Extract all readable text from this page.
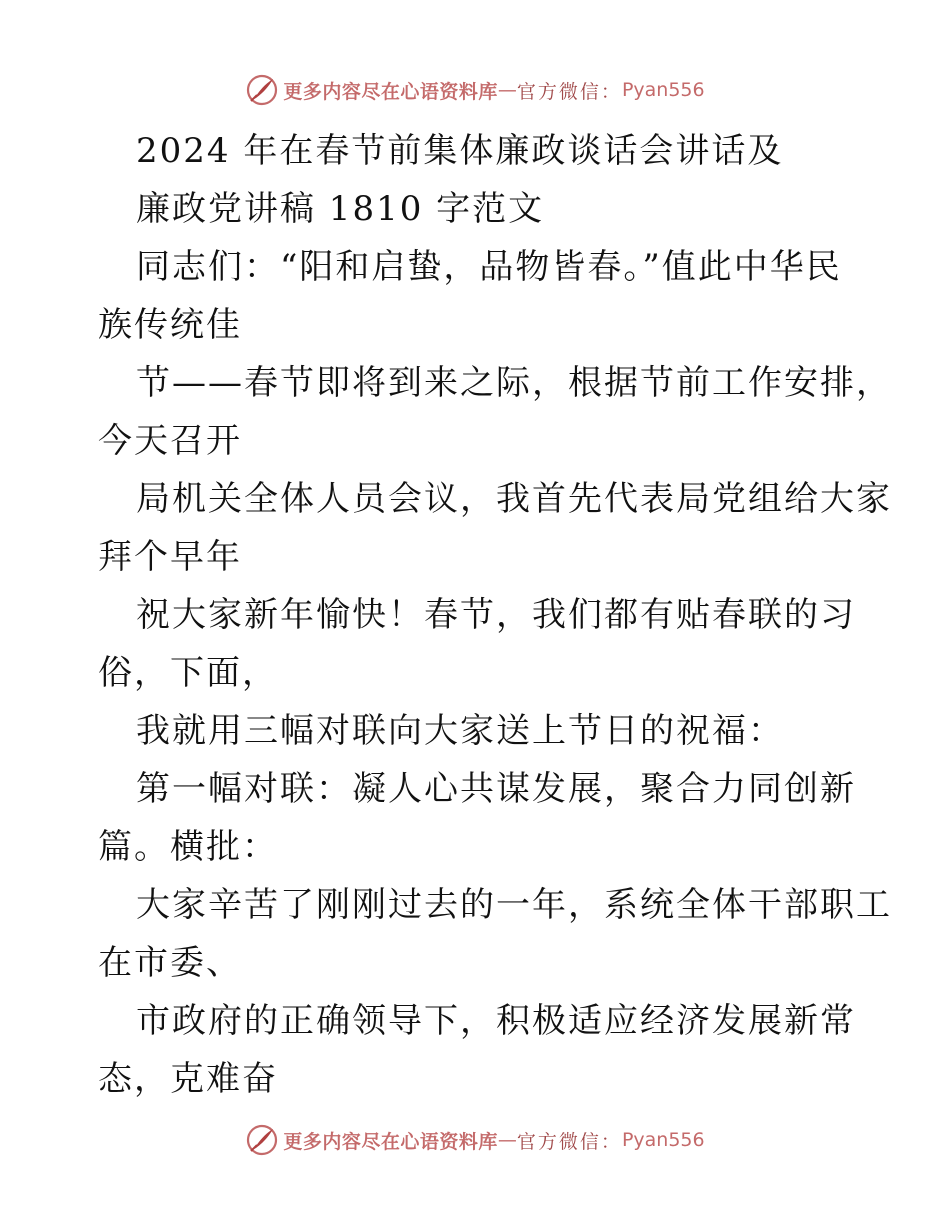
更多内容尽在心语资料库 — 官方微信： Pyan556

2024 年在春节前集体廉政谈话会讲话及

廉政党讲稿 1810 字范文

同志们：“阳和启蛰，品物皆春。”值此中华民

族传统佳

节——春节即将到来之际，根据节前工作安排，

今天召开

局机关全体人员会议，我首先代表局党组给大家

拜个早年

祝大家新年愉快！春节，我们都有贴春联的习

俗，下面，

我就用三幅对联向大家送上节日的祝福：

第一幅对联：凝人心共谋发展，聚合力同创新

篇。横批：

大家辛苦了刚刚过去的一年，系统全体干部职工

在市委、

市政府的正确领导下，积极适应经济发展新常

态，克难奋

更多内容尽在心语资料库 — 官方微信： Pyan556
